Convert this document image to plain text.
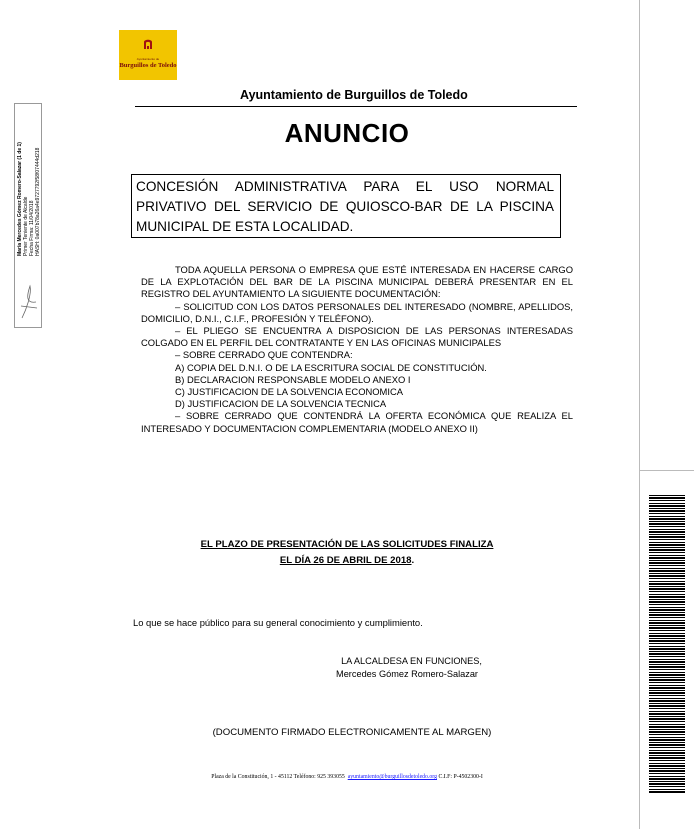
María Mercedes Gómez Romero-Salazar (1 de 1) Primer Teniente de Alcalde Fecha Firma: 11/04/2018 HASH: 0a007b78a26a4e9727792f58f07444d218
Ayuntamiento de
Burguillos de Toledo
Ayuntamiento de Burguillos de Toledo
ANUNCIO
CONCESIÓN ADMINISTRATIVA PARA EL USO NORMAL PRIVATIVO DEL SERVICIO DE QUIOSCO-BAR DE LA PISCINA MUNICIPAL DE ESTA LOCALIDAD.

TODA AQUELLA PERSONA O EMPRESA QUE ESTÉ INTERESADA EN HACERSE CARGO DE LA EXPLOTACIÓN DEL BAR DE LA PISCINA MUNICIPAL DEBERÁ PRESENTAR EN EL REGISTRO DEL AYUNTAMIENTO LA SIGUIENTE DOCUMENTACIÓN:

– SOLICITUD CON LOS DATOS PERSONALES DEL INTERESADO (NOMBRE, APELLIDOS, DOMICILIO, D.N.I., C.I.F., PROFESIÓN Y TELÉFONO).

– EL PLIEGO SE ENCUENTRA A DISPOSICION DE LAS PERSONAS INTERESADAS COLGADO EN EL PERFIL DEL CONTRATANTE Y EN LAS OFICINAS MUNICIPALES

– SOBRE CERRADO QUE CONTENDRA:

A) COPIA DEL D.N.I. O DE LA ESCRITURA SOCIAL DE CONSTITUCIÓN.

B) DECLARACION RESPONSABLE MODELO ANEXO I

C) JUSTIFICACION DE LA SOLVENCIA ECONOMICA

D) JUSTIFICACION DE LA SOLVENCIA TECNICA

– SOBRE CERRADO QUE CONTENDRÁ LA OFERTA ECONÓMICA QUE REALIZA EL INTERESADO Y DOCUMENTACION COMPLEMENTARIA (MODELO ANEXO II)

EL PLAZO DE PRESENTACIÓN DE LAS SOLICITUDES FINALIZA
EL DÍA 26 DE ABRIL DE 2018.
Lo que se hace público para su general conocimiento y cumplimiento.
LA ALCALDESA EN FUNCIONES,
Mercedes Gómez Romero-Salazar
(DOCUMENTO FIRMADO ELECTRONICAMENTE AL MARGEN)
Plaza de la Constitución, 1 - 45112 Teléfono: 925 393055 ayuntamiento@burguillosdetoledo.org C.I.F: P-4502300-I
